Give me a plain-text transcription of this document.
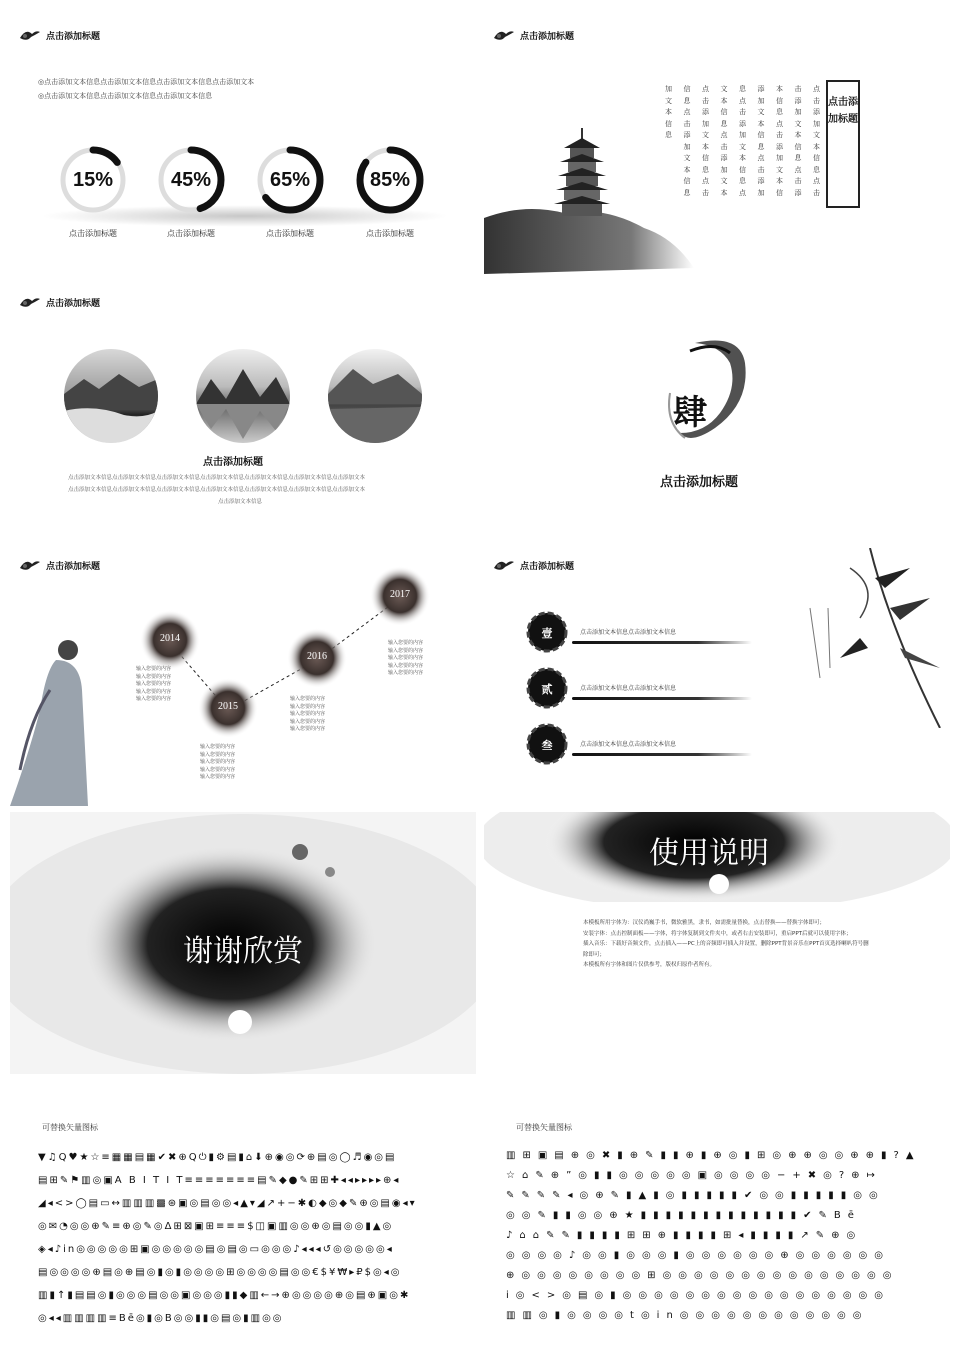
点击添加标题
◎点击添加文本信息点击添加文本信息点击添加文本信息点击添加文本
◎点击添加文本信息点击添加文本信息点击添加文本信息
15%
点击添加标题
45%
点击添加标题
65%
点击添加标题
85%
点击添加标题
点击添加标题
点击添加标题
加文本信息
信息点击添加文本信息
点击添加文本信息点击
文本信息点击添加文本
息点击添加文本信息点
添加文本信息点击添加
本信息点击添加文本信
击添加文本信息点击添
点击添加文本信息点击
点击添加标题
点击添加标题
点击添加文本信息点击添加文本信息点击添加文本信息点击添加文本信息点击添加文本信息点击添加文本信息点击添加文本
点击添加文本信息点击添加文本信息点击添加文本信息点击添加文本信息点击添加文本信息点击添加文本信息点击添加文本
点击添加文本信息
肆
点击添加标题
点击添加标题
2014
输入您要的内容
输入您要的内容
输入您要的内容
输入您要的内容
输入您要的内容
2015
输入您要的内容
输入您要的内容
输入您要的内容
输入您要的内容
输入您要的内容
2016
输入您要的内容
输入您要的内容
输入您要的内容
输入您要的内容
输入您要的内容
2017
输入您要的内容
输入您要的内容
输入您要的内容
输入您要的内容
输入您要的内容
点击添加标题
壹	点击添加文本信息点击添加文本信息
贰	点击添加文本信息点击添加文本信息
叁	点击添加文本信息点击添加文本信息
谢谢欣赏
使用说明
本模板所用字体为：汉仪尚巍手书，微软雅黑，隶书，如需批量替换，点击替换——替换字体即可；
安装字体：点击控制面板——字体，将字体复制到文件夹中，或者右击安装即可，重启PPT后就可以使用字体；
插入音乐：下载好音频文件，点击插入——PC上的音频即可插入并设置，删除PPT背景音乐在PPT首页选择喇叭符号删除即可；
本模板所有字体和图片仅供参考，版权归原作者所有。
可替换矢量图标
▼♫Q♥★☆≡▦▦▤▦✔✖⊕Q⏻▮⚙▤▮⌂⬇⊕◉◎⟳⊕▤◎◯♬◉◎▤
▤⊞✎⚑▥◎▣A B I T I T≡≡≡≡≡≡≡▤✎◆●✎⊞⊞✚◂◂▸▸▸▸⊕◂
◢◂<>◯▤▭↔▥▥▥▩⊛▣◎▤◎◎◂▲▾◢↗+−✱◐◆◎◆✎⊕◎▤◉◂▾
◎✉◔◎◎⊕✎≡⊕◎✎◎Δ⊞⊠▣⊞≡≡≡$◫▣▥◎◎⊕◎▤◎◎▮▲◎
◈◂♪in◎◎◎◎◎⊞▣◎◎◎◎◎▤◎▤◎▭◎◎◎♪◂◂◂↺◎◎◎◎◎◂
▤◎◎◎◎⊕▤◎⊕▤◎▮◎▮◎◎◎◎⊞◎◎◎◎▤◎◎€$¥₩▸₽$◎◂◎
▥▮↑▮▤▤◎▮◎◎◎▤◎◎▣◎◎◎▮▮◆▥←→⊕◎◎◎◎⊕◎▤⊕▣◎✱
◎◂◂▥▥▥▥≡Bē◎▮◎B◎◎▮▮◎▤◎▮▥◎◎
可替换矢量图标
▥⊞▣▤⊕◎✖▮⊕✎▮▮⊕▮⊕◎▮⊞◎⊕⊕◎◎⊕⊕▮?▲
☆⌂✎⊕”◎▮▮◎◎◎◎◎▣◎◎◎◎−+✖◎?⊕↦
✎✎✎✎◂◎⊕✎▮▲▮◎▮▮▮▮▮✔◎◎▮▮▮▮▮◎◎
◎◎✎▮▮◎◎⊕★▮▮▮▮▮▮▮▮▮▮▮▮▮✔✎Bē
♪⌂⌂✎✎▮▮▮▮⊞⊞⊕▮▮▮▮⊞◂▮▮▮▮↗✎⊕◎
◎◎◎◎♪◎◎▮◎◎◎▮◎◎◎◎◎◎⊕◎◎◎◎◎◎
⊕◎◎◎◎◎◎◎◎⊞◎◎◎◎◎◎◎◎◎◎◎◎◎◎◎
i◎<>◎▤◎▮◎◎◎◎◎◎◎◎◎◎◎◎◎◎◎◎◎
▥▥◎▮◎◎◎◎t◎in◎◎◎◎◎◎◎◎◎◎◎◎
